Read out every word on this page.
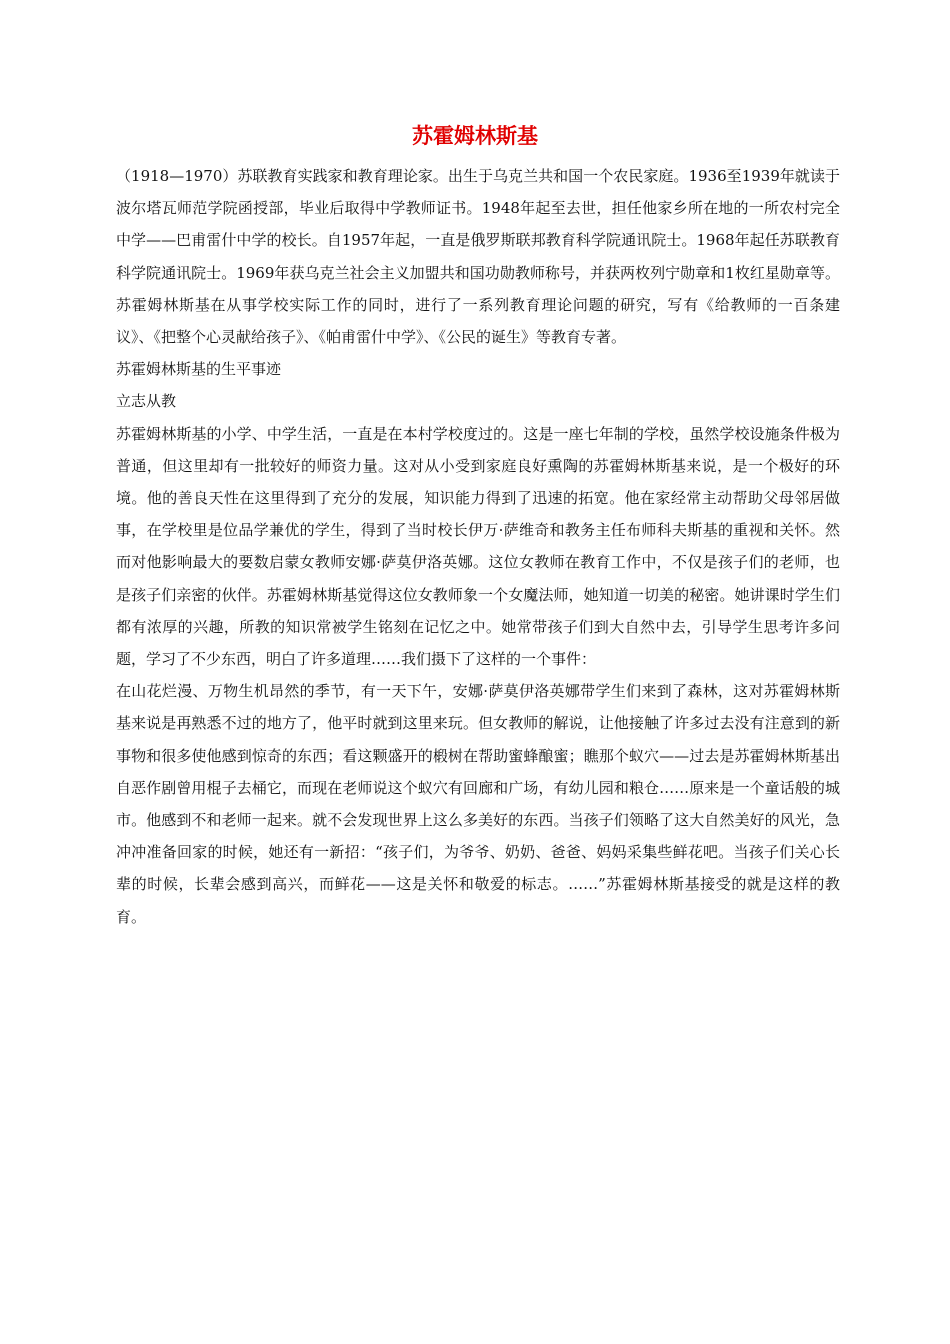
苏霍姆林斯基

（1918—1970）苏联教育实践家和教育理论家。出生于乌克兰共和国一个农民家庭。1936至1939年就读于波尔塔瓦师范学院函授部，毕业后取得中学教师证书。1948年起至去世，担任他家乡所在地的一所农村完全中学——巴甫雷什中学的校长。自1957年起，一直是俄罗斯联邦教育科学院通讯院士。1968年起任苏联教育科学院通讯院士。1969年获乌克兰社会主义加盟共和国功勋教师称号，并获两枚列宁勋章和1枚红星勋章等。苏霍姆林斯基在从事学校实际工作的同时，进行了一系列教育理论问题的研究，写有《给教师的一百条建议》、《把整个心灵献给孩子》、《帕甫雷什中学》、《公民的诞生》等教育专著。

苏霍姆林斯基的生平事迹

立志从教

苏霍姆林斯基的小学、中学生活，一直是在本村学校度过的。这是一座七年制的学校，虽然学校设施条件极为普通，但这里却有一批较好的师资力量。这对从小受到家庭良好熏陶的苏霍姆林斯基来说，是一个极好的环境。他的善良天性在这里得到了充分的发展，知识能力得到了迅速的拓宽。他在家经常主动帮助父母邻居做事，在学校里是位品学兼优的学生，得到了当时校长伊万·萨维奇和教务主任布师科夫斯基的重视和关怀。然而对他影响最大的要数启蒙女教师安娜·萨莫伊洛英娜。这位女教师在教育工作中，不仅是孩子们的老师，也是孩子们亲密的伙伴。苏霍姆林斯基觉得这位女教师象一个女魔法师，她知道一切美的秘密。她讲课时学生们都有浓厚的兴趣，所教的知识常被学生铭刻在记忆之中。她常带孩子们到大自然中去，引导学生思考许多问题，学习了不少东西，明白了许多道理……我们摄下了这样的一个事件：

在山花烂漫、万物生机昂然的季节，有一天下午，安娜·萨莫伊洛英娜带学生们来到了森林，这对苏霍姆林斯基来说是再熟悉不过的地方了，他平时就到这里来玩。但女教师的解说，让他接触了许多过去没有注意到的新事物和很多使他感到惊奇的东西；看这颗盛开的椴树在帮助蜜蜂酿蜜；瞧那个蚁穴——过去是苏霍姆林斯基出自恶作剧曾用棍子去桶它，而现在老师说这个蚁穴有回廊和广场，有幼儿园和粮仓……原来是一个童话般的城市。他感到不和老师一起来。就不会发现世界上这么多美好的东西。当孩子们领略了这大自然美好的风光，急冲冲准备回家的时候，她还有一新招：“孩子们，为爷爷、奶奶、爸爸、妈妈采集些鲜花吧。当孩子们关心长辈的时候，长辈会感到高兴，而鲜花——这是关怀和敬爱的标志。……”苏霍姆林斯基接受的就是这样的教育。
